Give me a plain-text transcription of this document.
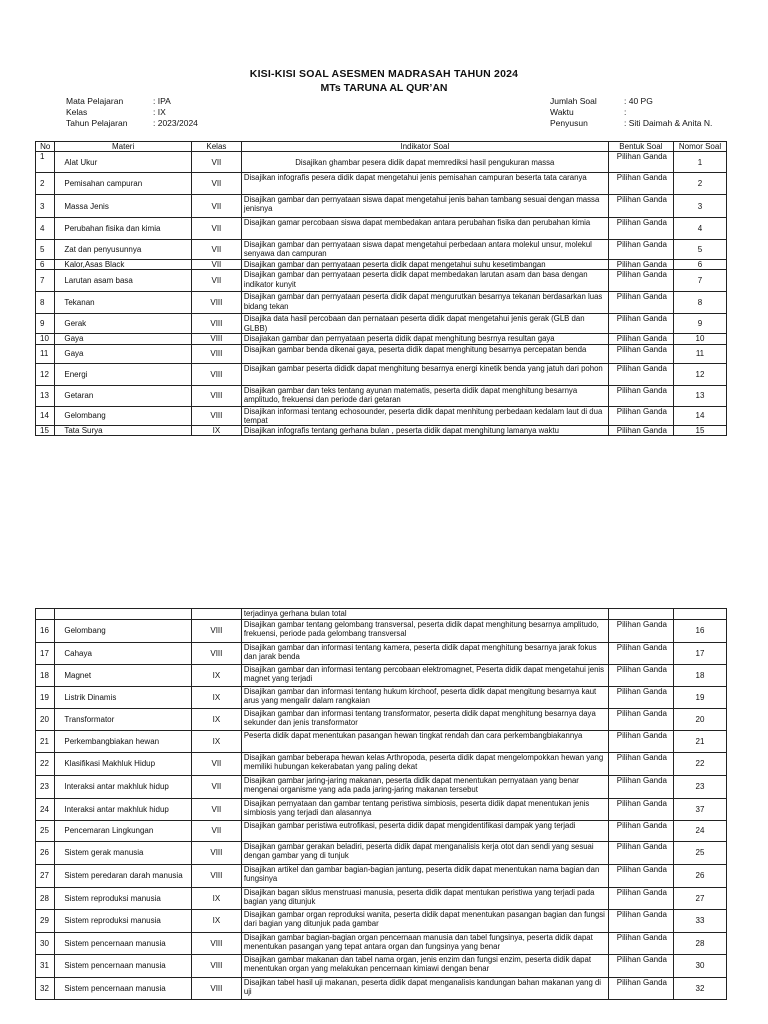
KISI-KISI SOAL ASESMEN MADRASAH TAHUN 2024
MTs TARUNA AL QUR’AN
Mata Pelajaran	: IPA
Kelas	: IX
Tahun Pelajaran	: 2023/2024
Jumlah Soal	: 40 PG
Waktu	:
Penyusun	: Siti Daimah & Anita N.
No	Materi	Kelas	Indikator Soal	Bentuk Soal	Nomor Soal
1	Alat Ukur	VII	Disajikan ghambar pesera didik dapat memrediksi hasil pengukuran massa	Pilihan Ganda	1
2	Pemisahan campuran	VII	Disajikan infografis pesera didik dapat mengetahui jenis pemisahan campuran beserta tata caranya	Pilihan Ganda	2
3	Massa Jenis	VII	Disajikan gambar dan pernyataan siswa dapat mengetahui jenis bahan tambang sesuai dengan massa jenisnya	Pilihan Ganda	3
4	Perubahan fisika dan kimia	VII	Disajikan gamar percobaan siswa dapat membedakan antara perubahan fisika dan perubahan kimia	Pilihan Ganda	4
5	Zat dan penyusunnya	VII	Disajikan gambar dan pernyataan siswa dapat mengetahui perbedaan antara molekul unsur, molekul senyawa dan campuran	Pilihan Ganda	5
6	Kalor,Asas Black	VII	Disajikan gambar dan pernyataan peserta didik dapat mengetahui suhu kesetimbangan	Pilihan Ganda	6
7	Larutan asam basa	VII	Disajikan gambar dan pernyataan peserta didik dapat membedakan larutan asam dan basa dengan indikator kunyit	Pilihan Ganda	7
8	Tekanan	VIII	Disajikan gambar dan pernyataan peserta didik dapat mengurutkan besarnya tekanan berdasarkan luas bidang tekan	Pilihan Ganda	8
9	Gerak	VIII	Disajika data hasil percobaan dan pernataan peserta didik dapat mengetahui jenis gerak (GLB dan GLBB)	Pilihan Ganda	9
10	Gaya	VIII	Disajiakan gambar dan pernyataan peserta didik dapat menghitung besrnya resultan gaya	Pilihan Ganda	10
11	Gaya	VIII	Disajikan gambar benda dikenai gaya, peserta didik dapat menghitung besarnya percepatan benda	Pilihan Ganda	11
12	Energi	VIII	Disajikan gambar peserta dididk dapat menghitung besarnya energi kinetik benda yang jatuh dari pohon	Pilihan Ganda	12
13	Getaran	VIII	Disajikan gambar dan teks tentang ayunan matematis, peserta didik dapat menghitung besarnya amplitudo, frekuensi dan periode dari getaran	Pilihan Ganda	13
14	Gelombang	VIII	Disajikan informasi tentang echosounder, peserta didik dapat menhitung perbedaan kedalam laut di dua tempat	Pilihan Ganda	14
15	Tata Surya	IX	Disajikan infografis tentang gerhana bulan , peserta didik dapat menghitung lamanya waktu	Pilihan Ganda	15
			terjadinya gerhana bulan total		
16	Gelombang	VIII	Disajikan gambar tentang gelombang transversal, peserta didik dapat menghitung besarnya amplitudo, frekuensi, periode pada gelombang transversal	Pilihan Ganda	16
17	Cahaya	VIII	Disajikan gambar dan informasi tentang kamera, peserta didik dapat menghitung besarnya jarak fokus dan jarak benda	Pilihan Ganda	17
18	Magnet	IX	Disajikan gambar dan informasi tentang percobaan elektromagnet, Peserta didik dapat mengetahui jenis magnet yang terjadi	Pilihan Ganda	18
19	Listrik Dinamis	IX	Disajikan gambar dan informasi tentang hukum kirchoof, peserta didik dapat mengitung besarnya kaut arus yang mengalir dalam rangkaian	Pilihan Ganda	19
20	Transformator	IX	Disajikan gambar dan informasi tentang transformator, peserta didik dapat menghitung besarnya daya sekunder dan jenis transformator	Pilihan Ganda	20
21	Perkembangbiakan hewan	IX	Peserta didik dapat menentukan pasangan hewan tingkat rendah dan cara perkembangbiakannya	Pilihan Ganda	21
22	Klasifikasi Makhluk Hidup	VII	Disajikan gambar beberapa hewan kelas Arthropoda, peserta didik dapat mengelompokkan hewan yang memiliki hubungan kekerabatan yang paling dekat	Pilihan Ganda	22
23	Interaksi antar makhluk hidup	VII	Disajikan gambar jaring-jaring makanan, peserta didik dapat menentukan pernyataan yang benar mengenai organisme yang ada pada jaring-jaring makanan tersebut	Pilihan Ganda	23
24	Interaksi antar makhluk hidup	VII	Disajikan pernyataan dan gambar tentang peristiwa simbiosis, peserta didik dapat menentukan jenis simbiosis yang terjadi dan alasannya	Pilihan Ganda	37
25	Pencemaran Lingkungan	VII	Disajikan gambar peristiwa eutrofikasi, peserta didik dapat mengidentifikasi dampak yang terjadi	Pilihan Ganda	24
26	Sistem gerak manusia	VIII	Disajikan gambar gerakan beladiri, peserta didik dapat menganalisis kerja otot dan sendi yang sesuai dengan gambar yang di tunjuk	Pilihan Ganda	25
27	Sistem peredaran darah manusia	VIII	Disajikan artikel dan gambar bagian-bagian jantung, peserta didik dapat menentukan nama bagian dan fungsinya	Pilihan Ganda	26
28	Sistem reproduksi manusia	IX	Disajikan bagan siklus menstruasi manusia, peserta didik dapat mentukan peristiwa yang terjadi pada bagian yang ditunjuk	Pilihan Ganda	27
29	Sistem reproduksi manusia	IX	Disajikan gambar organ reproduksi wanita, peserta didik dapat menentukan pasangan bagian dan fungsi dari bagian yang ditunjuk pada gambar	Pilihan Ganda	33
30	Sistem pencernaan manusia	VIII	Disajikan gambar bagian-bagian organ pencernaan manusia dan tabel fungsinya, peserta didik dapat menentukan pasangan yang tepat antara organ dan fungsinya yang benar	Pilihan Ganda	28
31	Sistem pencernaan manusia	VIII	Disajikan gambar makanan dan tabel nama organ, jenis enzim dan fungsi enzim, peserta didik dapat menentukan organ yang melakukan pencernaan kimiawi dengan benar	Pilihan Ganda	30
32	Sistem pencernaan manusia	VIII	Disajikan tabel hasil uji makanan, peserta didik dapat menganalisis kandungan bahan makanan yang di uji	Pilihan Ganda	32
